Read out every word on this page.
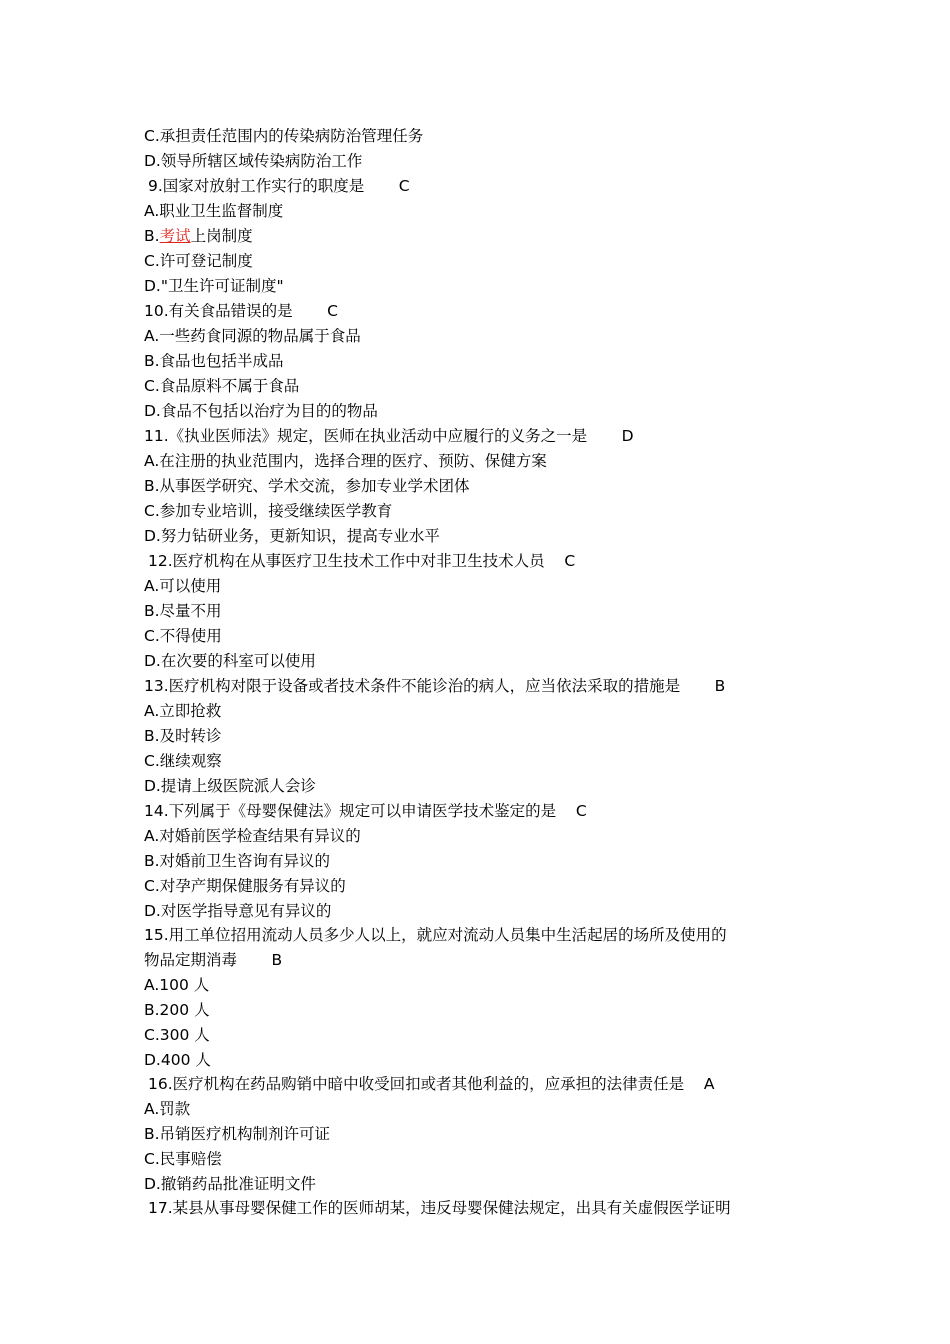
C.承担责任范围内的传染病防治管理任务
D.领导所辖区域传染病防治工作
9.国家对放射工作实行的职度是       C
A.职业卫生监督制度
B.考试上岗制度
C.许可登记制度
D."卫生许可证制度"
10.有关食品错误的是       C
A.一些药食同源的物品属于食品
B.食品也包括半成品
C.食品原料不属于食品
D.食品不包括以治疗为目的的物品
11.《执业医师法》规定，医师在执业活动中应履行的义务之一是       D
A.在注册的执业范围内，选择合理的医疗、预防、保健方案
B.从事医学研究、学术交流，参加专业学术团体
C.参加专业培训，接受继续医学教育
D.努力钻研业务，更新知识，提高专业水平
12.医疗机构在从事医疗卫生技术工作中对非卫生技术人员    C
A.可以使用
B.尽量不用
C.不得使用
D.在次要的科室可以使用
13.医疗机构对限于设备或者技术条件不能诊治的病人，应当依法采取的措施是       B
A.立即抢救
B.及时转诊
C.继续观察
D.提请上级医院派人会诊
14.下列属于《母婴保健法》规定可以申请医学技术鉴定的是    C
A.对婚前医学检查结果有异议的
B.对婚前卫生咨询有异议的
C.对孕产期保健服务有异议的
D.对医学指导意见有异议的
15.用工单位招用流动人员多少人以上，就应对流动人员集中生活起居的场所及使用的
物品定期消毒       B
A.100 人
B.200 人
C.300 人
D.400 人
16.医疗机构在药品购销中暗中收受回扣或者其他利益的，应承担的法律责任是    A
A.罚款
B.吊销医疗机构制剂许可证
C.民事赔偿
D.撤销药品批准证明文件
17.某县从事母婴保健工作的医师胡某，违反母婴保健法规定，出具有关虚假医学证明
